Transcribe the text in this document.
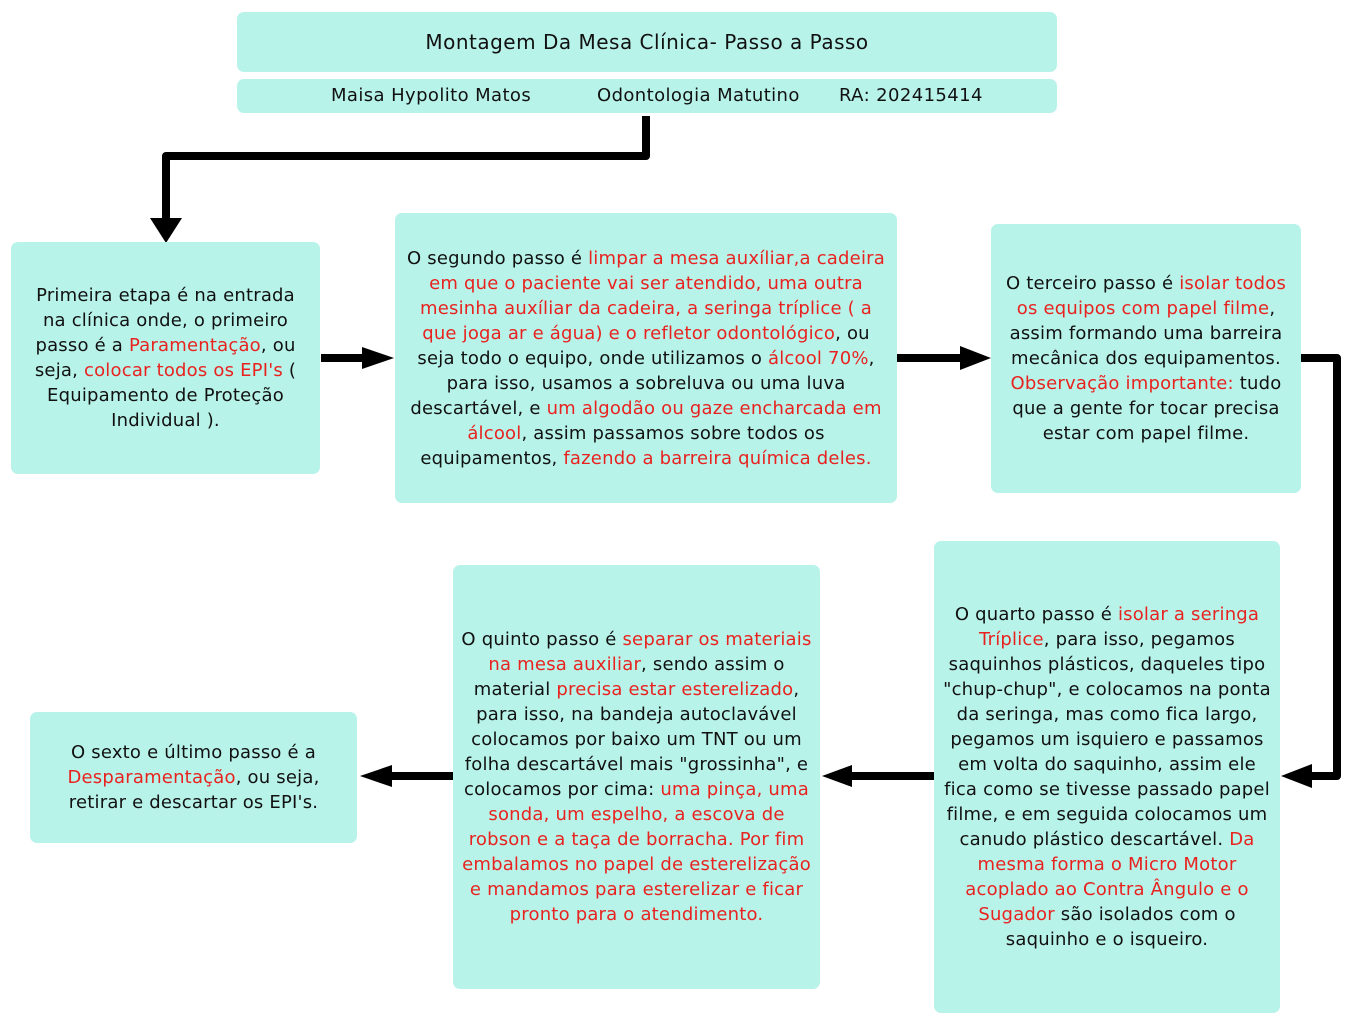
Montagem Da Mesa Clínica- Passo a Passo
Maisa Hypolito Matos	Odontologia Matutino RA: 202415414

Primeira etapa é na entrada na clínica onde, o primeiro passo é a Paramentação, ou seja, colocar todos os EPI's ( Equipamento de Proteção Individual ).

O segundo passo é limpar a mesa auxíliar,a cadeira em que o paciente vai ser atendido, uma outra mesinha auxíliar da cadeira, a seringa tríplice ( a que joga ar e água) e o refletor odontológico, ou seja todo o equipo, onde utilizamos o álcool 70%, para isso, usamos a sobreluva ou uma luva descartável, e um algodão ou gaze encharcada em álcool, assim passamos sobre todos os equipamentos, fazendo a barreira química deles.

O terceiro passo é isolar todos os equipos com papel filme, assim formando uma barreira mecânica dos equipamentos. Observação importante: tudo que a gente for tocar precisa estar com papel filme.

O quarto passo é isolar a seringa Tríplice, para isso, pegamos saquinhos plásticos, daqueles tipo "chup-chup", e colocamos na ponta da seringa, mas como fica largo, pegamos um isquiero e passamos em volta do saquinho, assim ele fica como se tivesse passado papel filme, e em seguida colocamos um canudo plástico descartável. Da mesma forma o Micro Motor acoplado ao Contra Ângulo e o Sugador são isolados com o saquinho e o isqueiro.

O quinto passo é separar os materiais na mesa auxiliar, sendo assim o material precisa estar esterelizado, para isso, na bandeja autoclavável colocamos por baixo um TNT ou um folha descartável mais "grossinha", e colocamos por cima: uma pinça, uma sonda, um espelho, a escova de robson e a taça de borracha. Por fim embalamos no papel de esterelização e mandamos para esterelizar e ficar pronto para o atendimento.

O sexto e último passo é a Desparamentação, ou seja, retirar e descartar os EPI's.
